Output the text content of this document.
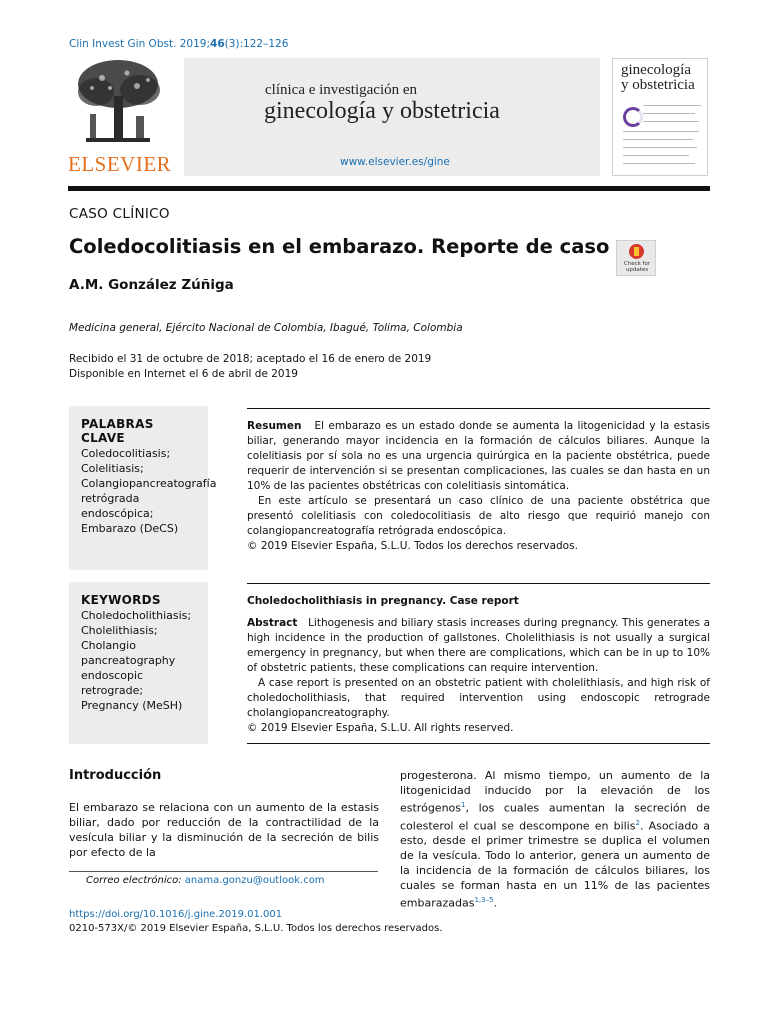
Clin Invest Gin Obst. 2019;46(3):122–126
ELSEVIER
clínica e investigación en
ginecología y obstetricia
www.elsevier.es/gine
ginecología
y obstetricia
CASO CLÍNICO
Coledocolitiasis en el embarazo. Reporte de caso
Check for updates
A.M. González Zúñiga
Medicina general, Ejército Nacional de Colombia, Ibagué, Tolima, Colombia
Recibido el 31 de octubre de 2018; aceptado el 16 de enero de 2019
Disponible en Internet el 6 de abril de 2019
PALABRAS CLAVE
Coledocolitiasis;
Colelitiasis;
Colangiopancreatografía
retrógrada
endoscópica;
Embarazo (DeCS)

Resumen El embarazo es un estado donde se aumenta la litogenicidad y la estasis biliar, generando mayor incidencia en la formación de cálculos biliares. Aunque la colelitiasis por sí sola no es una urgencia quirúrgica en la paciente obstétrica, puede requerir de intervención si se presentan complicaciones, las cuales se dan hasta en un 10% de las pacientes obstétricas con colelitiasis sintomática.

En este artículo se presentará un caso clínico de una paciente obstétrica que presentó colelitiasis con coledocolitiasis de alto riesgo que requirió manejo con colangiopancreatografía retrógrada endoscópica.

© 2019 Elsevier España, S.L.U. Todos los derechos reservados.

KEYWORDS
Choledocholithiasis;
Cholelithiasis;
Cholangio
pancreatography
endoscopic
retrograde;
Pregnancy (MeSH)
Choledocholithiasis in pregnancy. Case report

Abstract Lithogenesis and biliary stasis increases during pregnancy. This generates a high incidence in the production of gallstones. Cholelithiasis is not usually a surgical emergency in pregnancy, but when there are complications, which can be in up to 10% of obstetric patients, these complications can require intervention.

A case report is presented on an obstetric patient with cholelithiasis, and high risk of choledocholithiasis, that required intervention using endoscopic retrograde cholangiopancreatography.

© 2019 Elsevier España, S.L.U. All rights reserved.

Introducción

El embarazo se relaciona con un aumento de la estasis biliar, dado por reducción de la contractilidad de la vesícula biliar y la disminución de la secreción de bilis por efecto de la

progesterona. Al mismo tiempo, un aumento de la litogenicidad inducido por la elevación de los estrógenos$^1$, los cuales aumentan la secreción de colesterol el cual se descompone en bilis$^2$. Asociado a esto, desde el primer trimestre se duplica el volumen de la vesícula. Todo lo anterior, genera un aumento de la incidencia de la formación de cálculos biliares, los cuales se forman hasta en un 11% de las pacientes embarazadas$^{1,3-5}$.

Correo electrónico: anama.gonzu@outlook.com
https://doi.org/10.1016/j.gine.2019.01.001
0210-573X/© 2019 Elsevier España, S.L.U. Todos los derechos reservados.
